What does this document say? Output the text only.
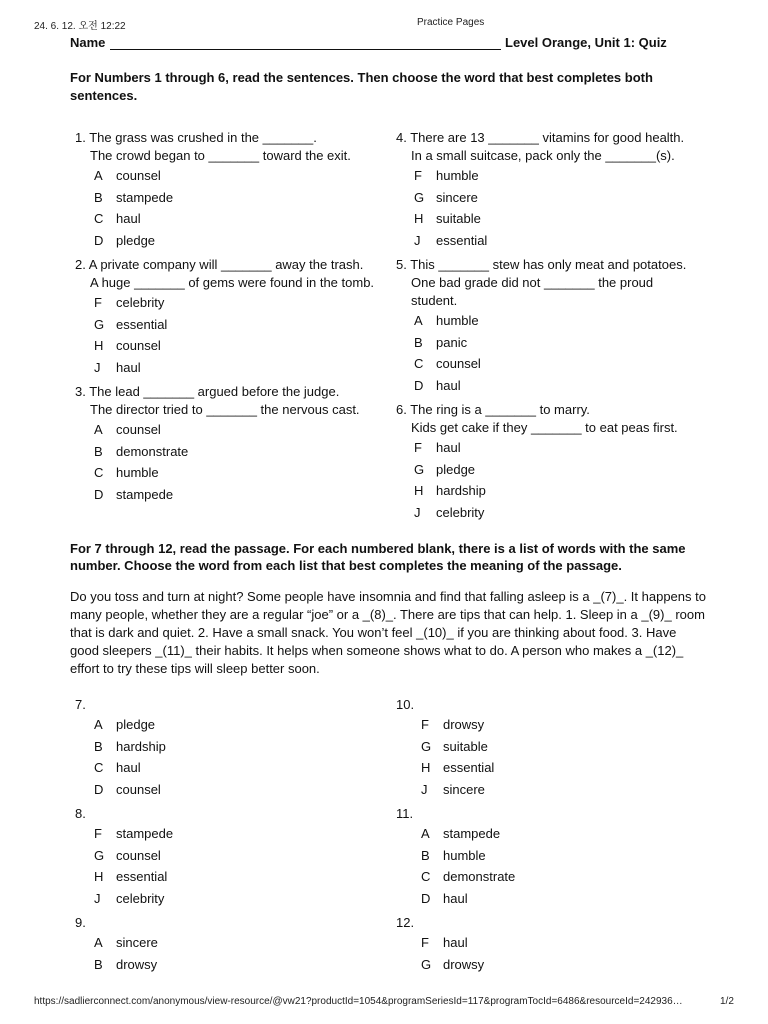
24. 6. 12. 오전 12:22	Practice Pages
https://sadlierconnect.com/anonymous/view-resource/@vw21?productId=1054&programSeriesId=117&programTocId=6486&resourceId=242936…	1/2
Name	Level Orange, Unit 1: Quiz
For Numbers 1 through 6, read the sentences. Then choose the word that best completes both
sentences.
1. The grass was crushed in the _______.
The crowd began to _______ toward the exit.
A counsel
B stampede
C haul
D pledge
2. A private company will _______ away the trash.
A huge _______ of gems were found in the tomb.
F celebrity
G essential
H counsel
J haul
3. The lead _______ argued before the judge.
The director tried to _______ the nervous cast.
A counsel
B demonstrate
C humble
D stampede
4. There are 13 _______ vitamins for good health.
In a small suitcase, pack only the _______(s).
F humble
G sincere
H suitable
J essential
5. This _______ stew has only meat and potatoes.
One bad grade did not _______ the proud
student.
A humble
B panic
C counsel
D haul
6. The ring is a _______ to marry.
Kids get cake if they _______ to eat peas first.
F haul
G pledge
H hardship
J celebrity
For 7 through 12, read the passage. For each numbered blank, there is a list of words with the same
number. Choose the word from each list that best completes the meaning of the passage.
Do you toss and turn at night? Some people have insomnia and find that falling asleep is a _(7)_. It happens to many people, whether they are a regular “joe” or a _(8)_. There are tips that can help. 1. Sleep in a _(9)_ room that is dark and quiet. 2. Have a small snack. You won’t feel _(10)_ if you are thinking about food. 3. Have good sleepers _(11)_ their habits. It helps when someone shows what to do. A person who makes a _(12)_ effort to try these tips will sleep better soon.
7.
A pledge
B hardship
C haul
D counsel
8.
F stampede
G counsel
H essential
J celebrity
9.
A sincere
B drowsy
10.
F drowsy
G suitable
H essential
J sincere
11.
A stampede
B humble
C demonstrate
D haul
12.
F haul
G drowsy
